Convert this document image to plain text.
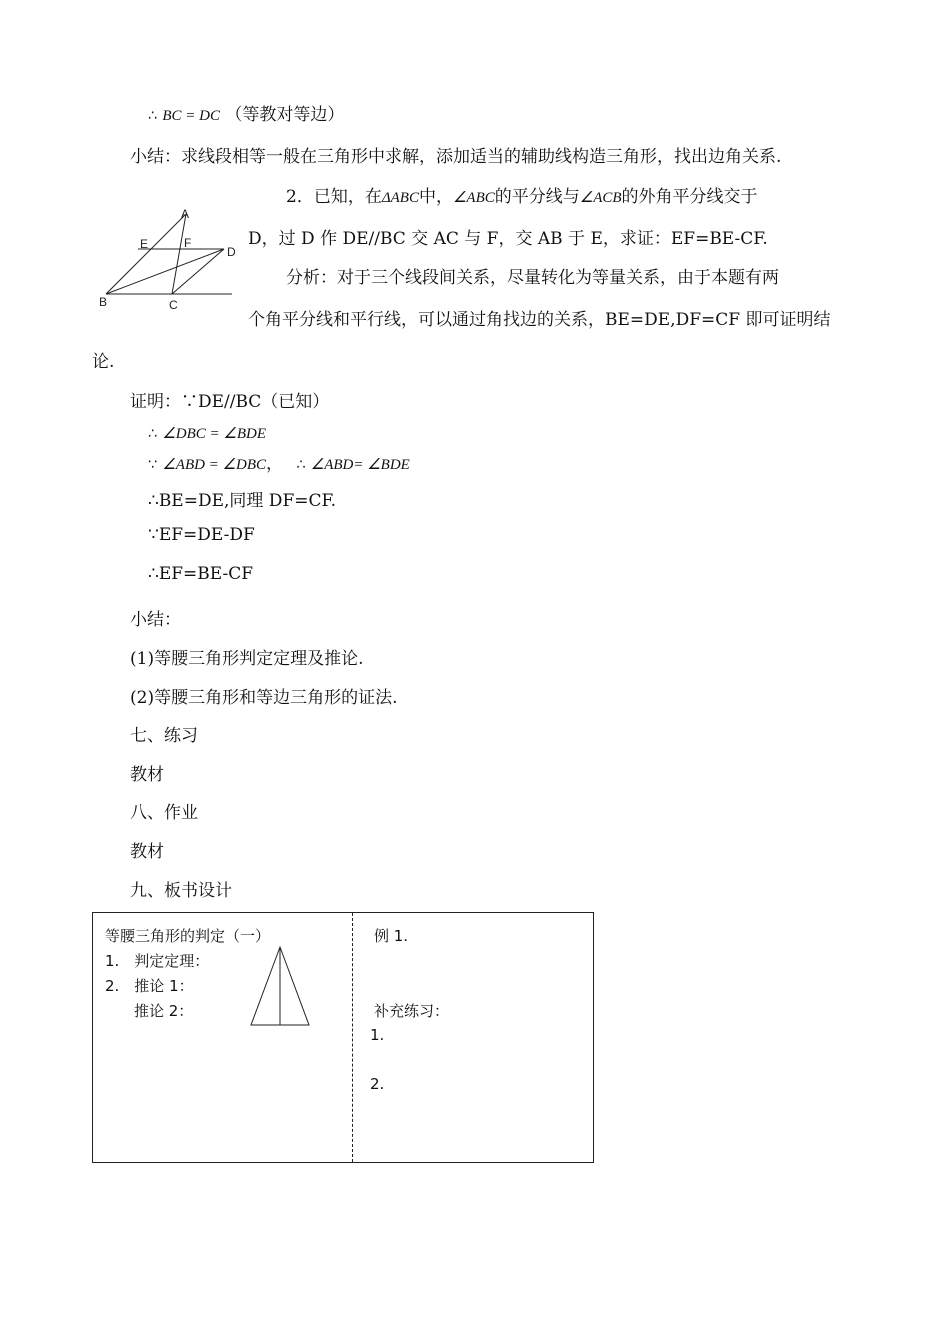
∴ BC = DC （等教对等边）
小结：求线段相等一般在三角形中求解，添加适当的辅助线构造三角形，找出边角关系.
2．已知，在ΔABC中，∠ABC的平分线与∠ACB的外角平分线交于
D，过 D 作 DE//BC 交 AC 与 F，交 AB 于 E，求证：EF=BE-CF.
分析：对于三个线段间关系，尽量转化为等量关系，由于本题有两
个角平分线和平行线，可以通过角找边的关系，BE=DE,DF=CF 即可证明结
论.
A
E	F
D
B	C
证明：∵DE//BC（已知）
∴ ∠DBC = ∠BDE
∵ ∠ABD = ∠DBC， ∴ ∠ABD= ∠BDE
∴BE=DE,同理 DF=CF.
∵EF=DE-DF
∴EF=BE-CF
小结：
(1)等腰三角形判定定理及推论.
(2)等腰三角形和等边三角形的证法.
七、练习
教材
八、作业
教材
九、板书设计
等腰三角形的判定（一）
1.　判定定理：
2.　推论 1：
推论 2：
例 1.
补充练习：
1.
2.
